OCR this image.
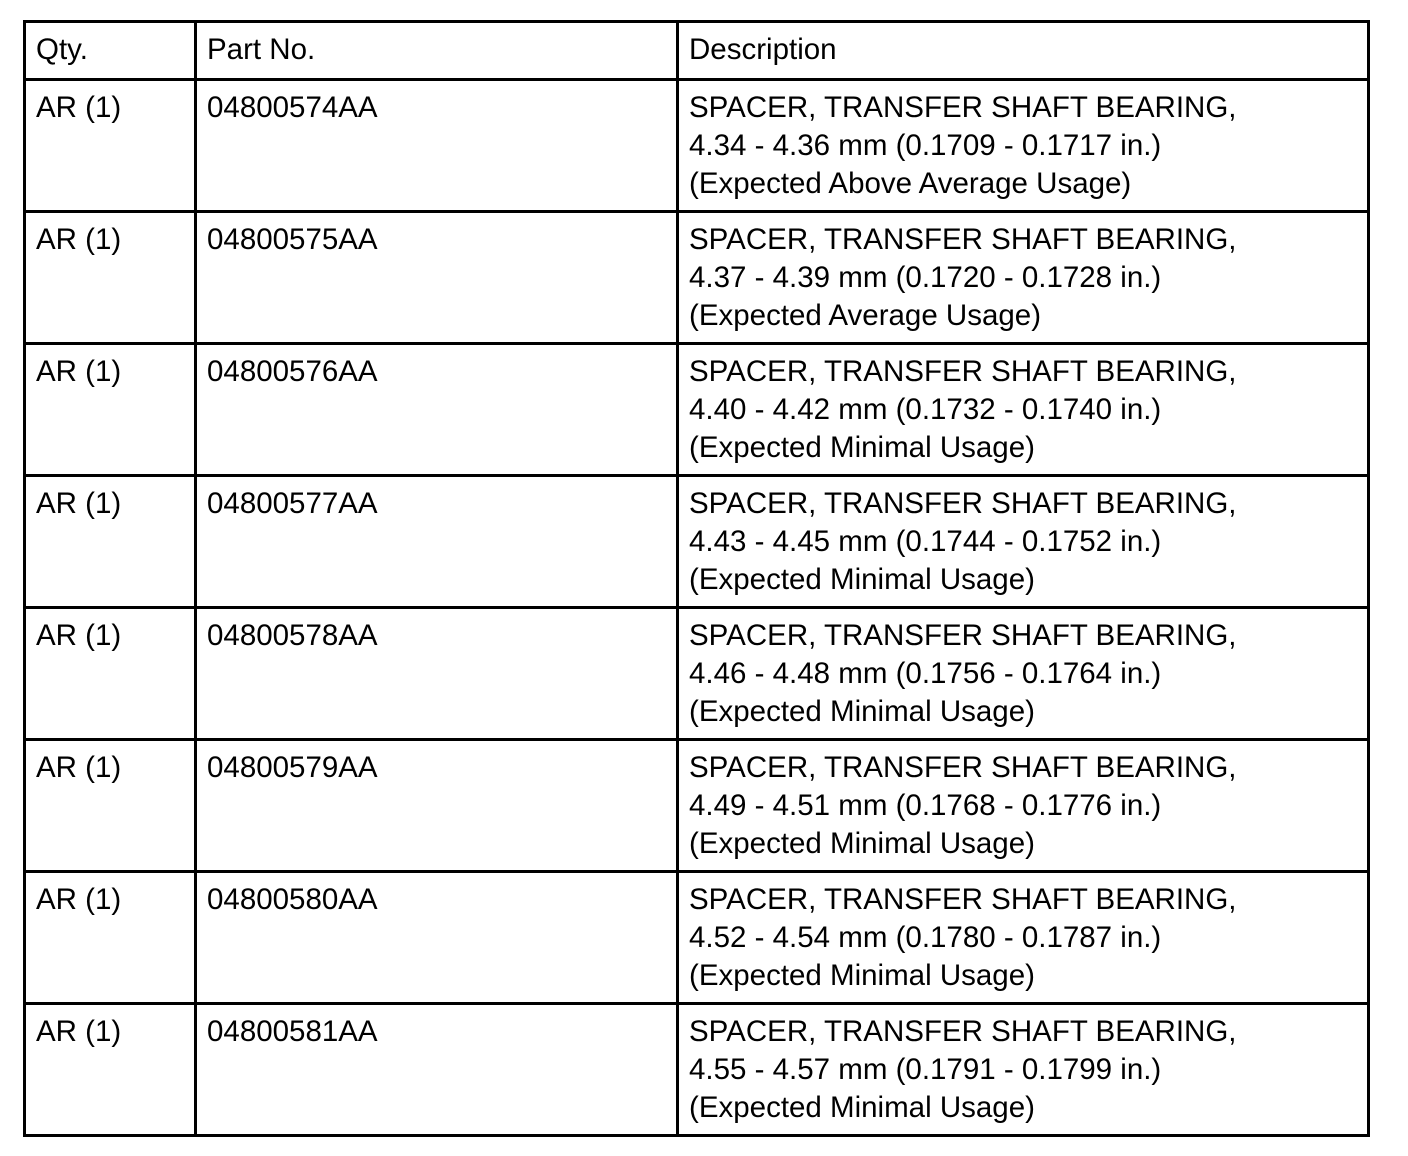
Qty.	Part No.	Description
AR (1)	04800574AA	SPACER, TRANSFER SHAFT BEARING,
4.34 - 4.36 mm (0.1709 - 0.1717 in.)
(Expected Above Average Usage)

AR (1)	04800575AA	SPACER, TRANSFER SHAFT BEARING,
4.37 - 4.39 mm (0.1720 - 0.1728 in.)
(Expected Average Usage)

AR (1)	04800576AA	SPACER, TRANSFER SHAFT BEARING,
4.40 - 4.42 mm (0.1732 - 0.1740 in.)
(Expected Minimal Usage)

AR (1)	04800577AA	SPACER, TRANSFER SHAFT BEARING,
4.43 - 4.45 mm (0.1744 - 0.1752 in.)
(Expected Minimal Usage)

AR (1)	04800578AA	SPACER, TRANSFER SHAFT BEARING,
4.46 - 4.48 mm (0.1756 - 0.1764 in.)
(Expected Minimal Usage)

AR (1)	04800579AA	SPACER, TRANSFER SHAFT BEARING,
4.49 - 4.51 mm (0.1768 - 0.1776 in.)
(Expected Minimal Usage)

AR (1)	04800580AA	SPACER, TRANSFER SHAFT BEARING,
4.52 - 4.54 mm (0.1780 - 0.1787 in.)
(Expected Minimal Usage)

AR (1)	04800581AA	SPACER, TRANSFER SHAFT BEARING,
4.55 - 4.57 mm (0.1791 - 0.1799 in.)
(Expected Minimal Usage)
